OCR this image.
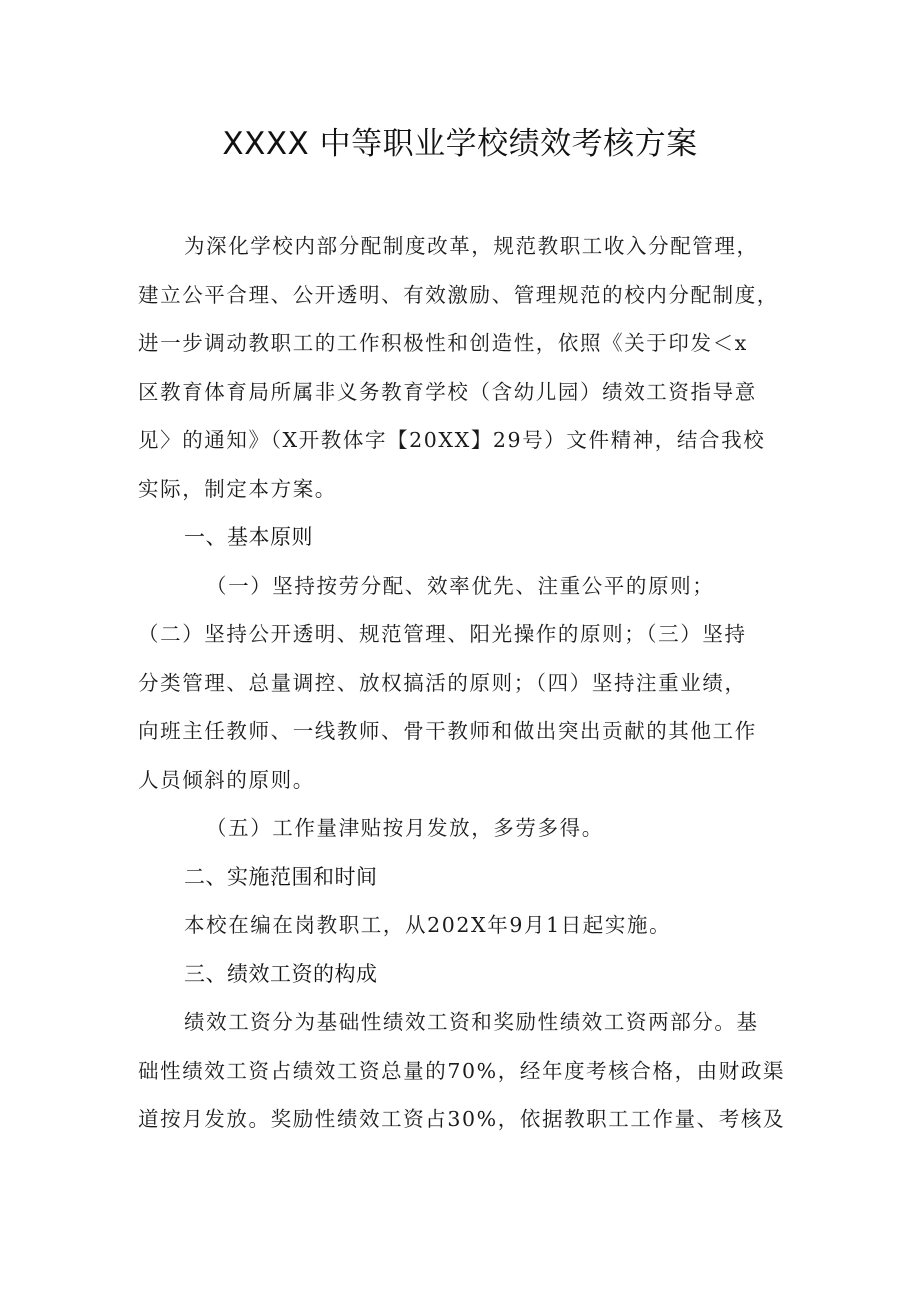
XXXX 中等职业学校绩效考核方案

为深化学校内部分配制度改革，规范教职工收入分配管理，
建立公平合理、公开透明、有效激励、管理规范的校内分配制度，
进一步调动教职工的工作积极性和创造性，依照《关于印发＜x
区教育体育局所属非义务教育学校（含幼儿园）绩效工资指导意
见〉的通知》（X开教体字【20XX】29号）文件精神，结合我校
实际，制定本方案。

一、基本原则

（一）坚持按劳分配、效率优先、注重公平的原则；
（二）坚持公开透明、规范管理、阳光操作的原则；（三）坚持
分类管理、总量调控、放权搞活的原则；（四）坚持注重业绩，
向班主任教师、一线教师、骨干教师和做出突出贡献的其他工作
人员倾斜的原则。

（五）工作量津贴按月发放，多劳多得。

二、实施范围和时间

本校在编在岗教职工，从202X年9月1日起实施。

三、绩效工资的构成

绩效工资分为基础性绩效工资和奖励性绩效工资两部分。基
础性绩效工资占绩效工资总量的70%，经年度考核合格，由财政渠
道按月发放。奖励性绩效工资占30%，依据教职工工作量、考核及
